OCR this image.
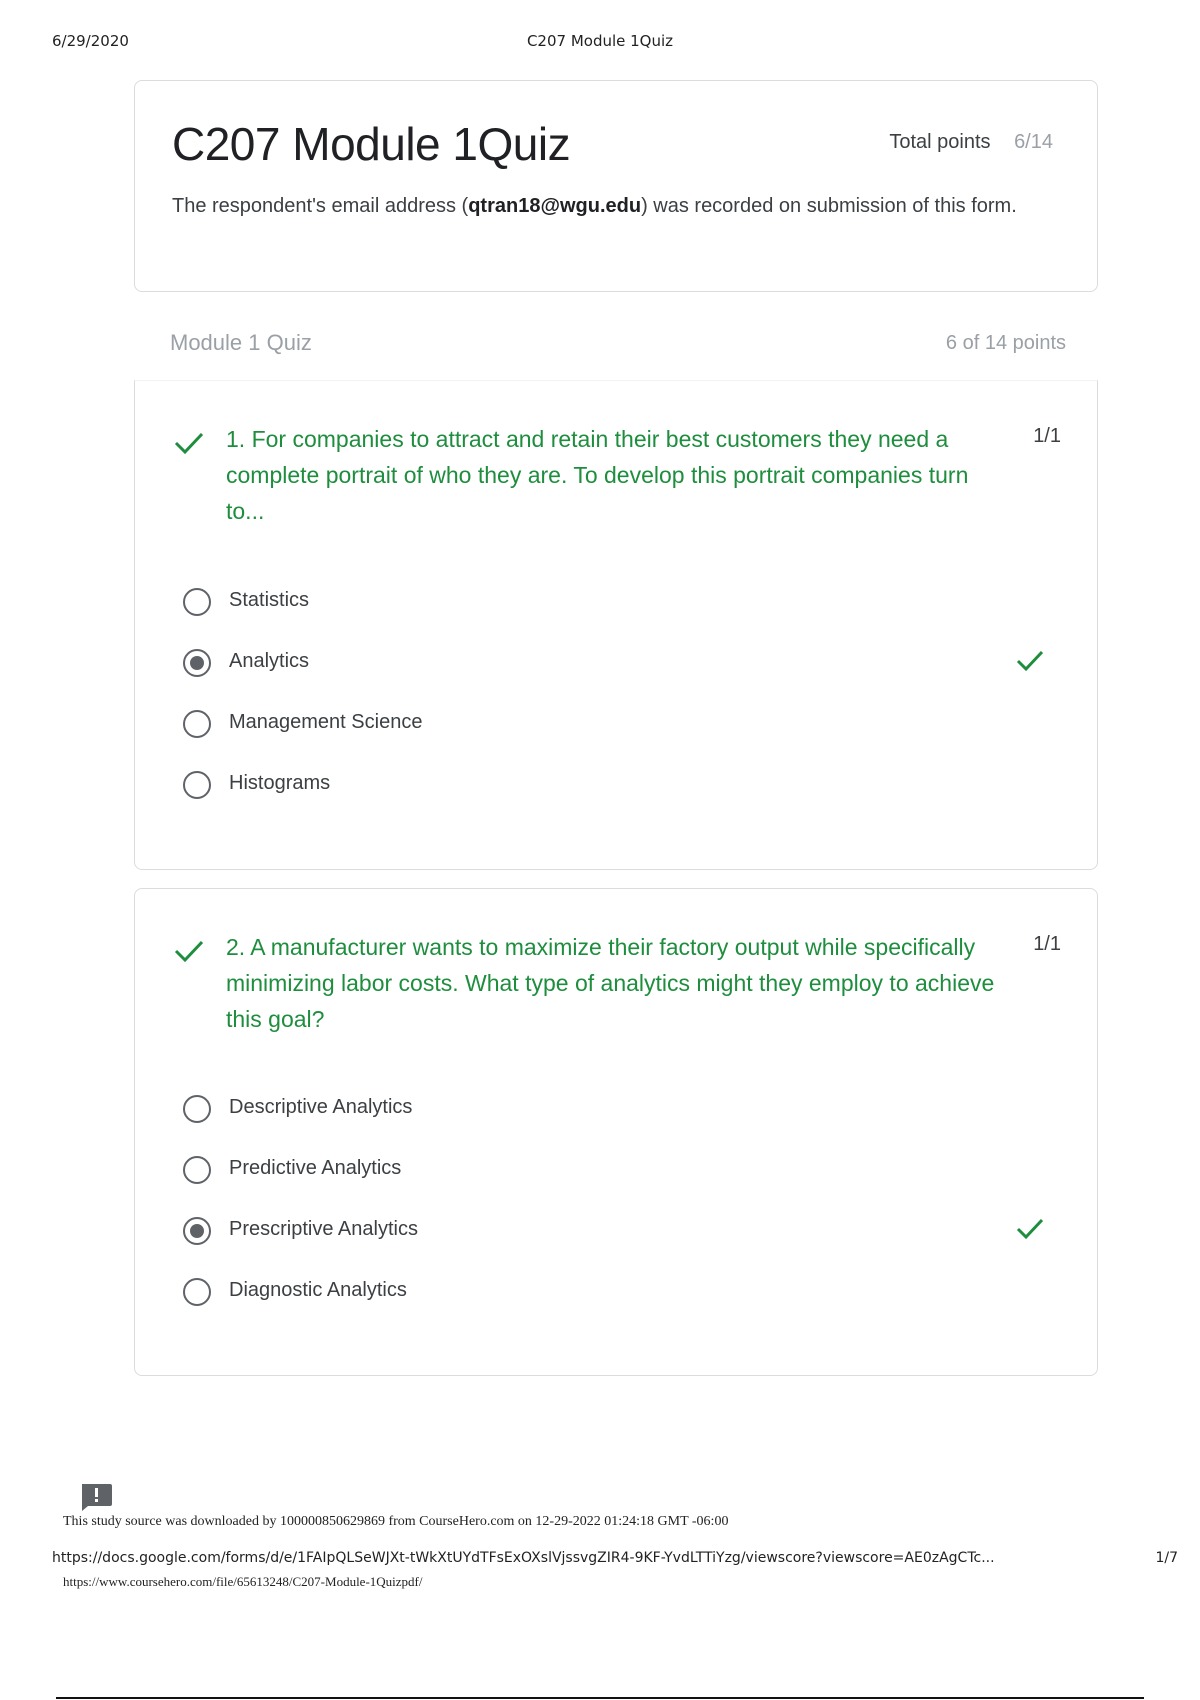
6/29/2020	C207 Module 1Quiz
C207 Module 1Quiz	Total points 6/14
The respondent's email address (qtran18@wgu.edu) was recorded on submission of this form.
Module 1 Quiz	6 of 14 points
1. For companies to attract and retain their best customers they need a complete portrait of who they are. To develop this portrait companies turn to...
1/1
Statistics
Analytics
Management Science
Histograms
2. A manufacturer wants to maximize their factory output while specifically minimizing labor costs. What type of analytics might they employ to achieve this goal?
1/1
Descriptive Analytics
Predictive Analytics
Prescriptive Analytics
Diagnostic Analytics
This study source was downloaded by 100000850629869 from CourseHero.com on 12-29-2022 01:24:18 GMT -06:00
https://docs.google.com/forms/d/e/1FAIpQLSeWJXt-tWkXtUYdTFsExOXslVjssvgZIR4-9KF-YvdLTTiYzg/viewscore?viewscore=AE0zAgCTc...	1/7
https://www.coursehero.com/file/65613248/C207-Module-1Quizpdf/
